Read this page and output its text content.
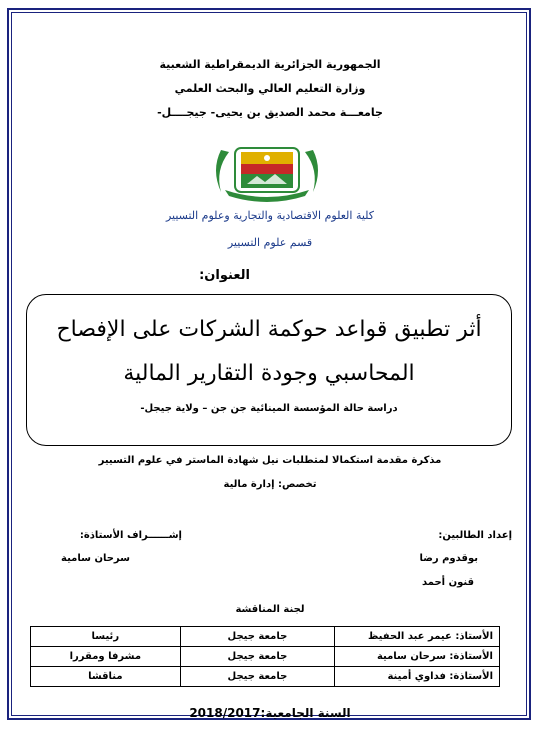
الجمهورية الجزائرية الديمقراطية الشعبية
وزارة التعليم العالي والبحث العلمي
جامعـــة محمد الصديق بن يحيى- جيجــــل-
كلية العلوم الاقتصادية والتجارية وعلوم التسيير
قسم علوم التسيير
العنوان:
أثر تطبيق قواعد حوكمة الشركات على الإفصاح
المحاسبي وجودة التقارير المالية
دراسة حالة المؤسسة المينائية جن جن – ولاية جيجل-
مذكرة مقدمة استكمالا لمتطلبات نيل شهادة الماستر في علوم التسيير
تخصص: إدارة مالية
إعداد الطالبين:
بوقدوم رضا
قنون أحمد
إشــــــراف الأستاذة:
سرحان سامية
لجنة المناقشة
الأستاذ: عيمر عبد الحفيظ	جامعة جيجل	رئيسا
الأستاذة: سرحان سامية	جامعة جيجل	مشرفا ومقررا
الأستاذة: فداوي أمينة	جامعة جيجل	مناقشا
السنة الجامعية:2018/2017
